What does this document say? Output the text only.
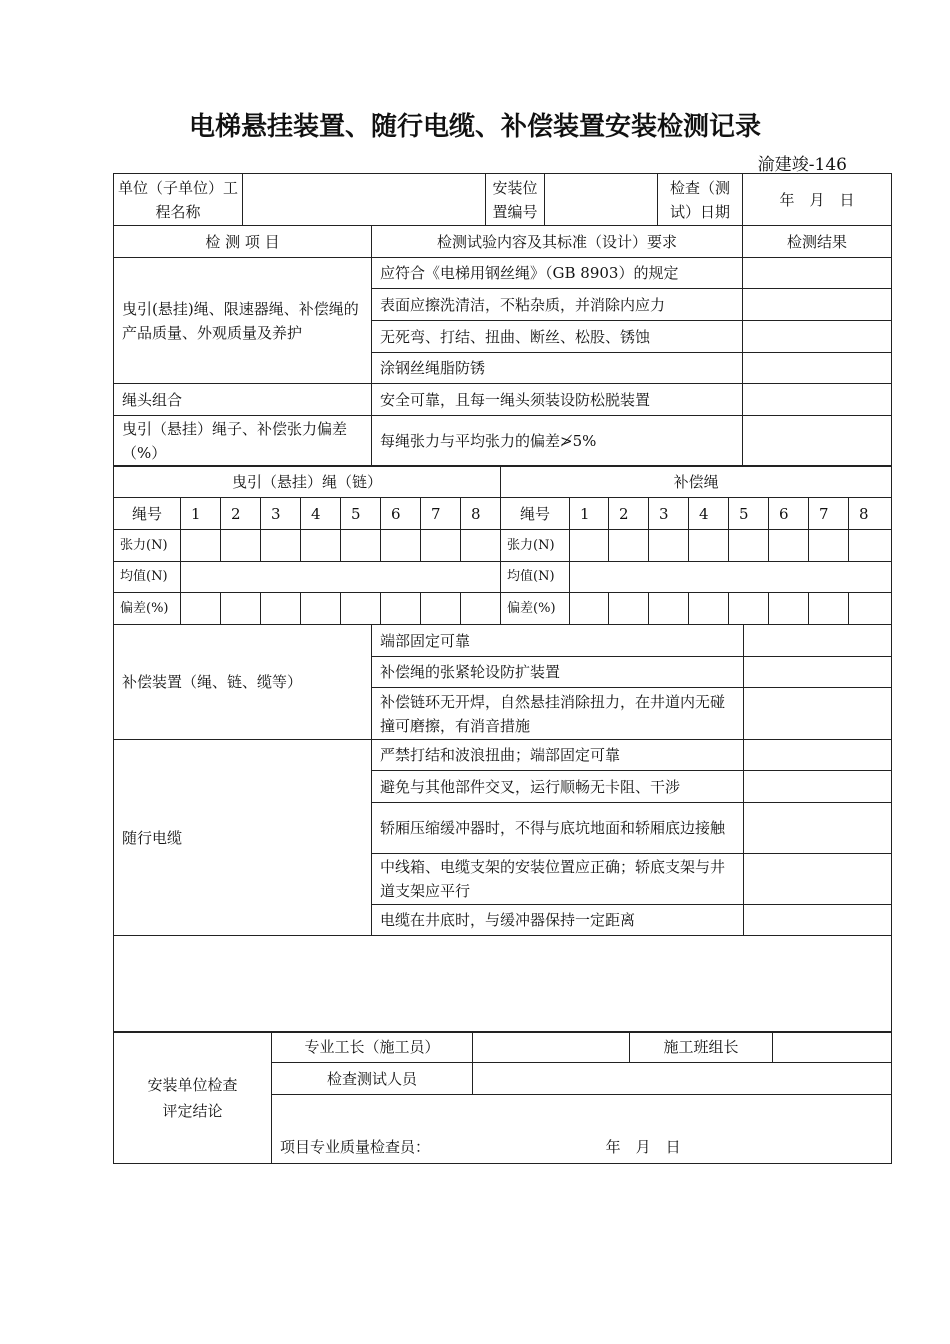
电梯悬挂装置、随行电缆、补偿装置安装检测记录
渝建竣-146
单位（子单位）工程名称			安装位置编号		检查（测试）日期	年　月　日
检 测 项 目		检测试验内容及其标准（设计）要求				检测结果
曳引(悬挂)绳、限速器绳、补偿绳的产品质量、外观质量及养护		应符合《电梯用钢丝绳》（GB 8903）的规定				
		表面应擦洗清洁，不粘杂质，并消除内应力				
		无死弯、打结、扭曲、断丝、松股、锈蚀				
		涂钢丝绳脂防锈				
绳头组合		安全可靠，且每一绳头须装设防松脱装置				
曳引（悬挂）绳子、补偿张力偏差（%）		每绳张力与平均张力的偏差≯5%				
曳引（悬挂）绳（链）									补偿绳								
绳号	1	2	3	4	5	6	7	8	绳号	1	2	3	4	5	6	7	8
张力(N)									张力(N)								
均值(N)									均值(N)								
偏差(%)									偏差(%)								
补偿装置（绳、链、缆等）	端部固定可靠	
	补偿绳的张紧轮设防扩装置	
	补偿链环无开焊，自然悬挂消除扭力，在井道内无碰撞可磨擦，有消音措施	
随行电缆	严禁打结和波浪扭曲；端部固定可靠	
	避免与其他部件交叉，运行顺畅无卡阻、干涉	
	轿厢压缩缓冲器时，不得与底坑地面和轿厢底边接触	
	中线箱、电缆支架的安装位置应正确；轿底支架与井道支架应平行	
	电缆在井底时，与缓冲器保持一定距离	

安装单位检查评定结论	专业工长（施工员）		施工班组长	
	检查测试人员			
	项目专业质量检查员： 年　月　日			
